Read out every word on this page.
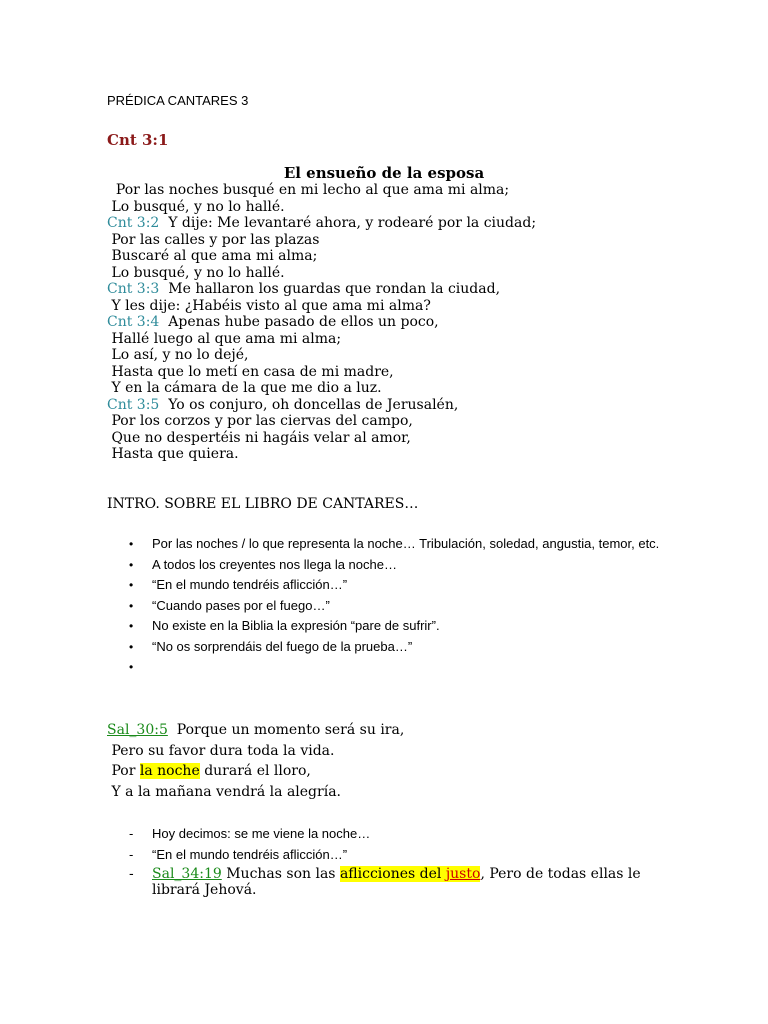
PRÉDICA CANTARES 3
Cnt 3:1
El ensueño de la esposa
Por las noches busqué en mi lecho al que ama mi alma;
Lo busqué, y no lo hallé.
Cnt 3:2  Y dije: Me levantaré ahora, y rodearé por la ciudad;
Por las calles y por las plazas
Buscaré al que ama mi alma;
Lo busqué, y no lo hallé.
Cnt 3:3  Me hallaron los guardas que rondan la ciudad,
Y les dije: ¿Habéis visto al que ama mi alma?
Cnt 3:4  Apenas hube pasado de ellos un poco,
Hallé luego al que ama mi alma;
Lo así, y no lo dejé,
Hasta que lo metí en casa de mi madre,
Y en la cámara de la que me dio a luz.
Cnt 3:5  Yo os conjuro, oh doncellas de Jerusalén,
Por los corzos y por las ciervas del campo,
Que no despertéis ni hagáis velar al amor,
Hasta que quiera.
INTRO. SOBRE EL LIBRO DE CANTARES…
• Por las noches / lo que representa la noche… Tribulación, soledad, angustia, temor, etc.
• A todos los creyentes nos llega la noche…
• “En el mundo tendréis aflicción…”
• “Cuando pases por el fuego…”
• No existe en la Biblia la expresión “pare de sufrir”.
• “No os sorprendáis del fuego de la prueba…”
•

Sal_30:5  Porque un momento será su ira,
Pero su favor dura toda la vida.
Por la noche durará el lloro,
Y a la mañana vendrá la alegría.
- Hoy decimos: se me viene la noche…
- “En el mundo tendréis aflicción…”
- Sal_34:19 Muchas son las aflicciones del justo, Pero de todas ellas le librará Jehová.
